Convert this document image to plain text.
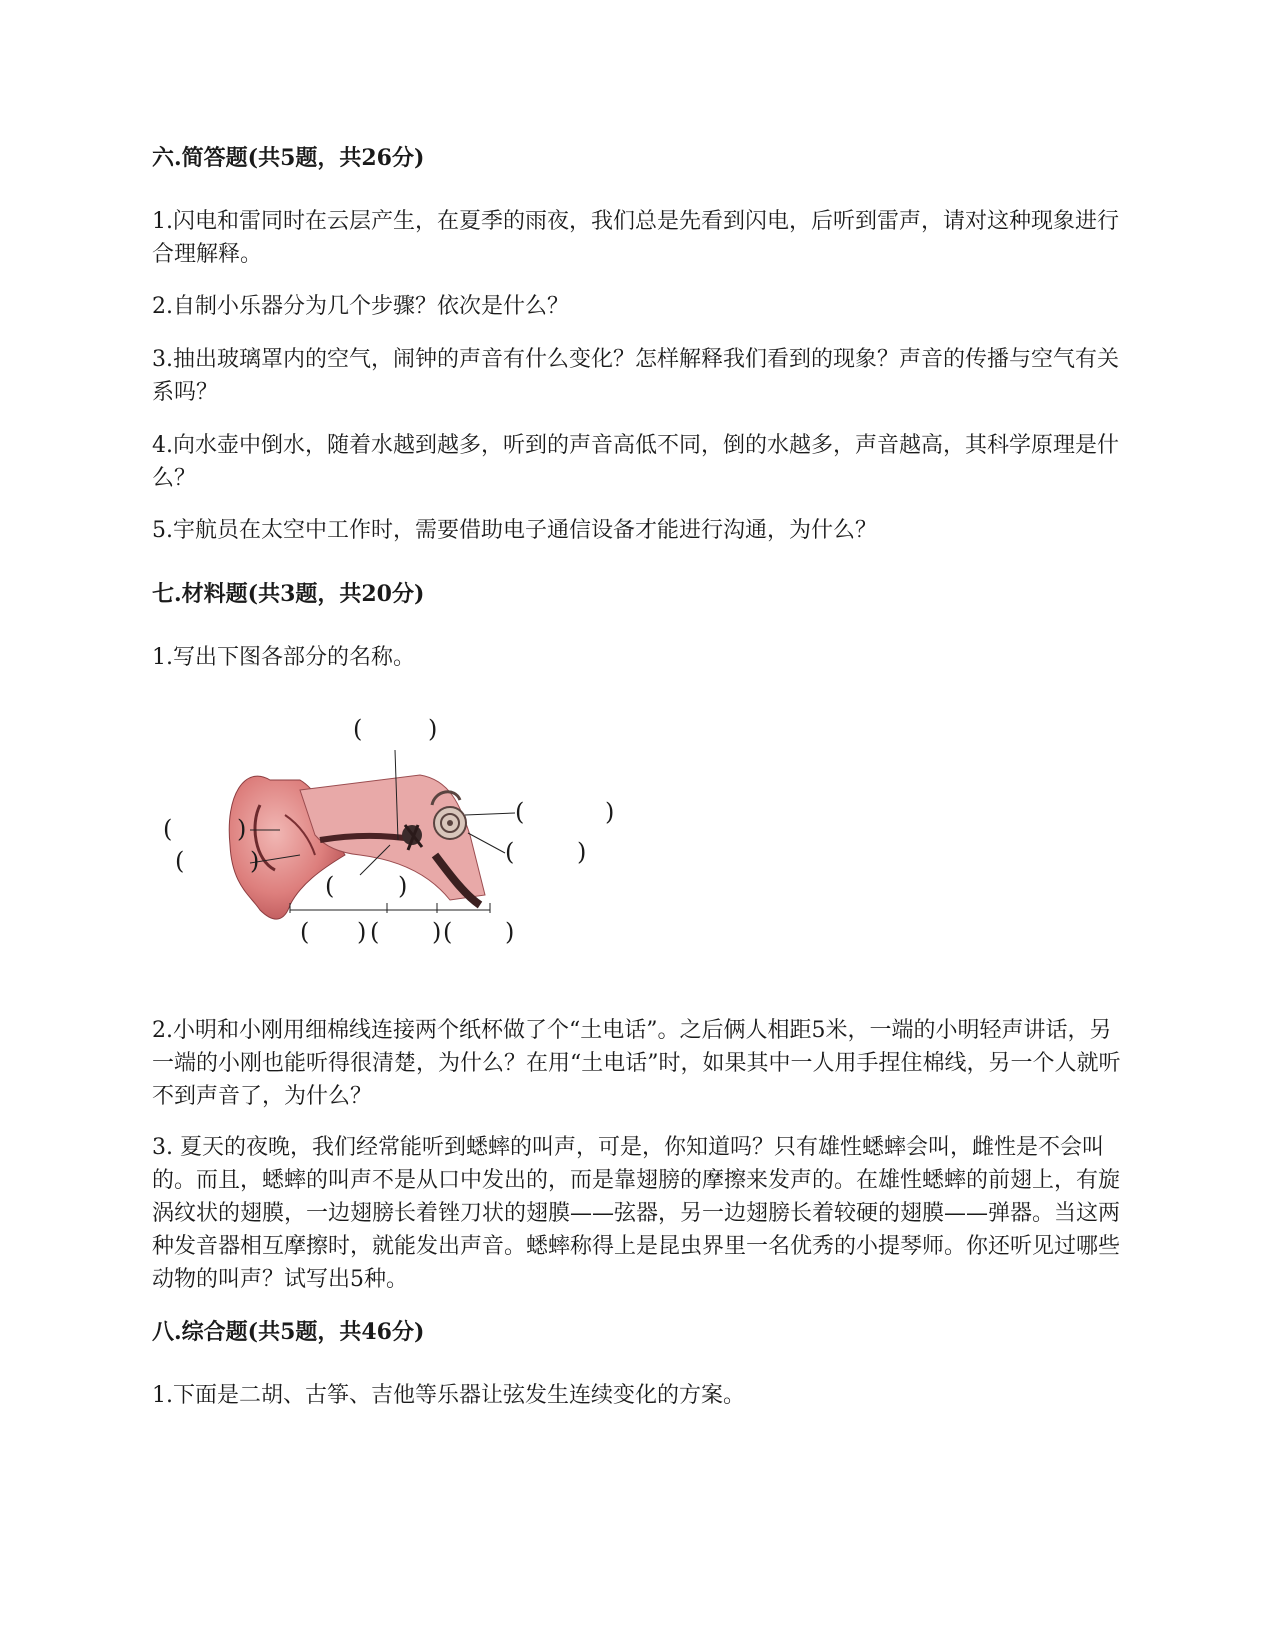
六.简答题(共5题，共26分)

1.闪电和雷同时在云层产生，在夏季的雨夜，我们总是先看到闪电，后听到雷声，请对这种现象进行合理解释。

2.自制小乐器分为几个步骤？依次是什么？

3.抽出玻璃罩内的空气，闹钟的声音有什么变化？怎样解释我们看到的现象？声音的传播与空气有关系吗？

4.向水壶中倒水，随着水越到越多，听到的声音高低不同，倒的水越多，声音越高，其科学原理是什么？

5.宇航员在太空中工作时，需要借助电子通信设备才能进行沟通，为什么？

七.材料题(共3题，共20分)

1.写出下图各部分的名称。

(	)
(	)
(	)
(	)
(	)
(	)
( ) ( ) ( )

2.小明和小刚用细棉线连接两个纸杯做了个“土电话”。之后俩人相距5米，一端的小明轻声讲话，另一端的小刚也能听得很清楚，为什么？在用“土电话”时，如果其中一人用手捏住棉线，另一个人就听不到声音了，为什么？

3. 夏天的夜晚，我们经常能听到蟋蟀的叫声，可是，你知道吗？只有雄性蟋蟀会叫，雌性是不会叫的。而且，蟋蟀的叫声不是从口中发出的，而是靠翅膀的摩擦来发声的。在雄性蟋蟀的前翅上，有旋涡纹状的翅膜，一边翅膀长着锉刀状的翅膜——弦器，另一边翅膀长着较硬的翅膜——弹器。当这两种发音器相互摩擦时，就能发出声音。蟋蟀称得上是昆虫界里一名优秀的小提琴师。你还听见过哪些动物的叫声？试写出5种。

八.综合题(共5题，共46分)

1.下面是二胡、古筝、吉他等乐器让弦发生连续变化的方案。
